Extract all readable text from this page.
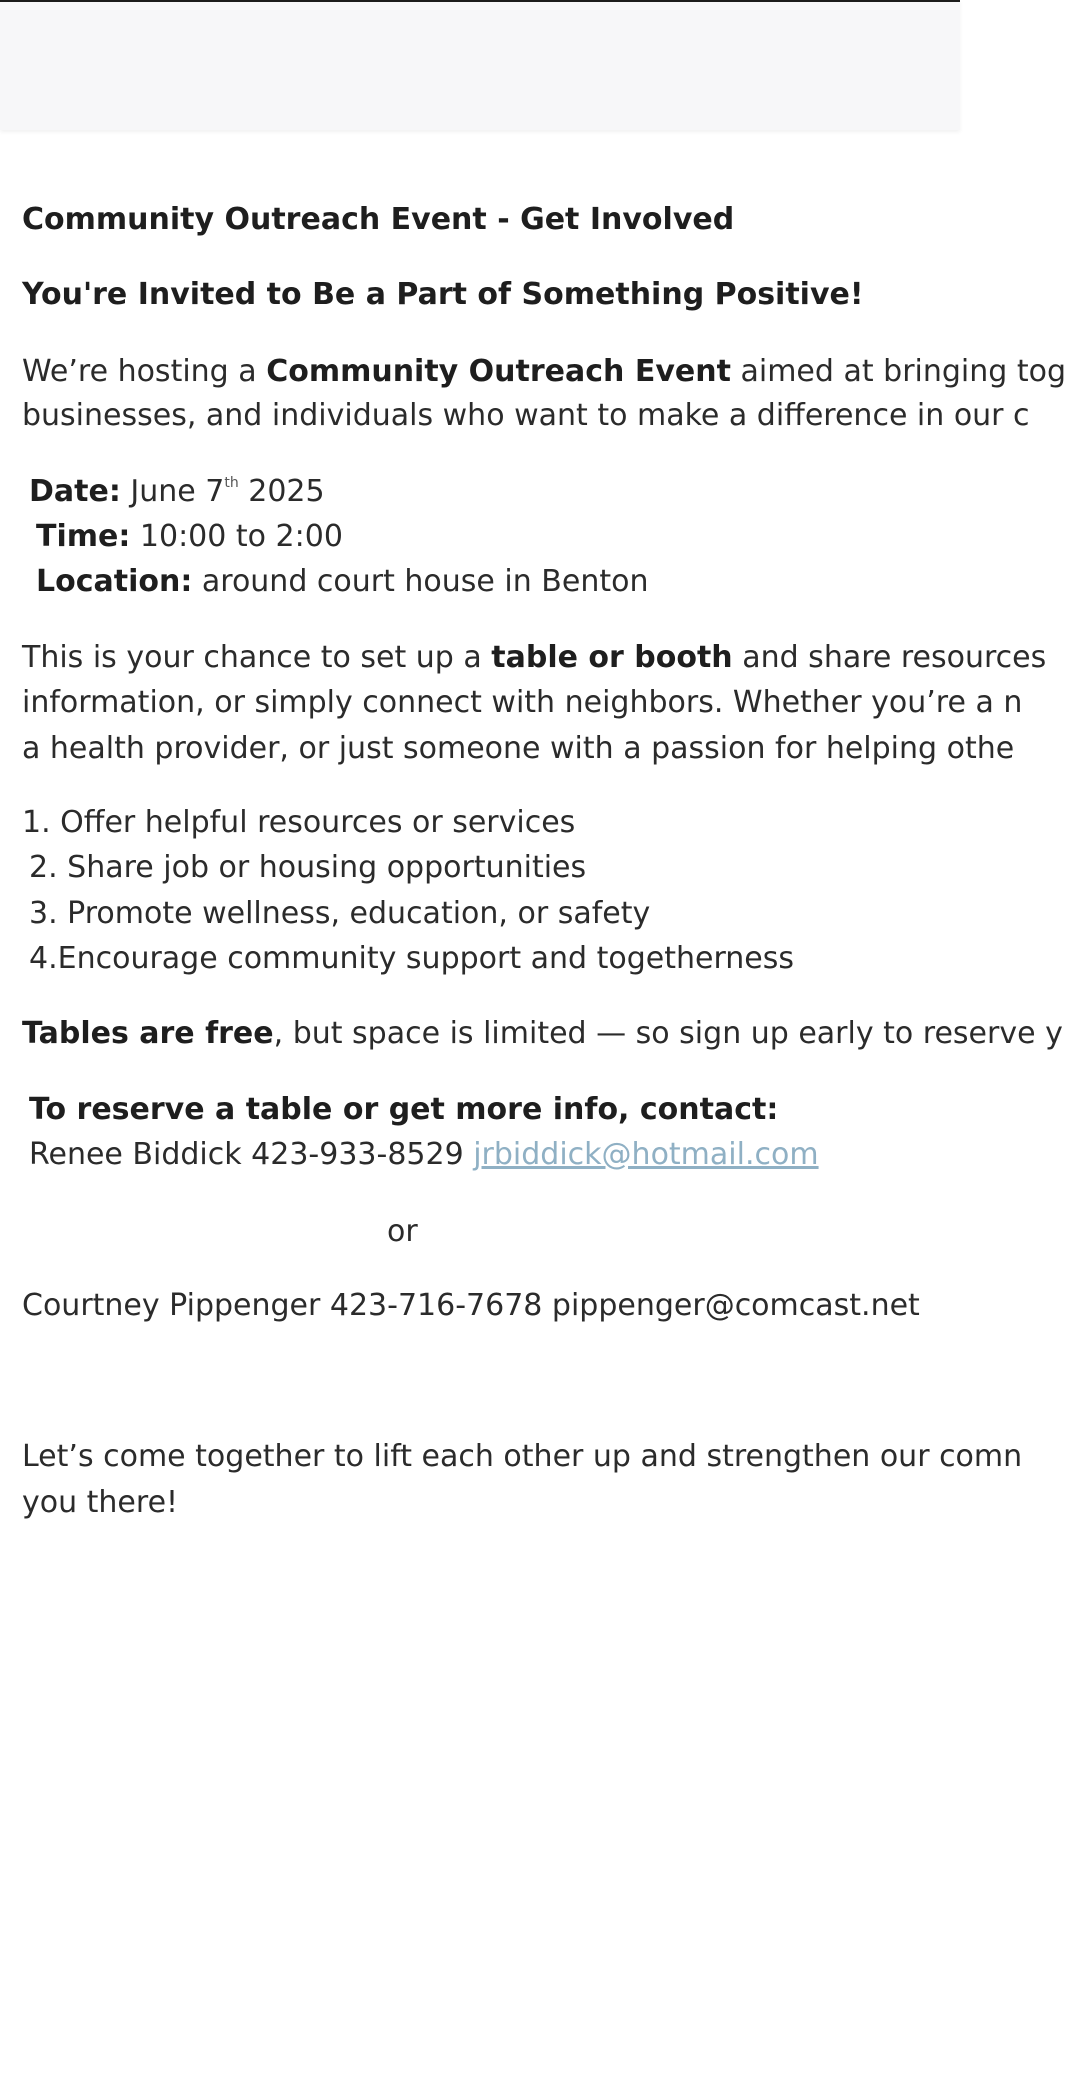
Community Outreach Event - Get Involved
You're Invited to Be a Part of Something Positive!
We’re hosting a Community Outreach Event aimed at bringing tog
businesses, and individuals who want to make a difference in our c
Date: June 7th 2025
Time: 10:00 to 2:00
Location: around court house in Benton
This is your chance to set up a table or booth and share resources
information, or simply connect with neighbors. Whether you’re a n
a health provider, or just someone with a passion for helping othe
1. Offer helpful resources or services
2. Share job or housing opportunities
3. Promote wellness, education, or safety
4.Encourage community support and togetherness
Tables are free, but space is limited — so sign up early to reserve y
To reserve a table or get more info, contact:
Renee Biddick 423-933-8529 jrbiddick@hotmail.com
or
Courtney Pippenger 423-716-7678 pippenger@comcast.net
Let’s come together to lift each other up and strengthen our comn
you there!
